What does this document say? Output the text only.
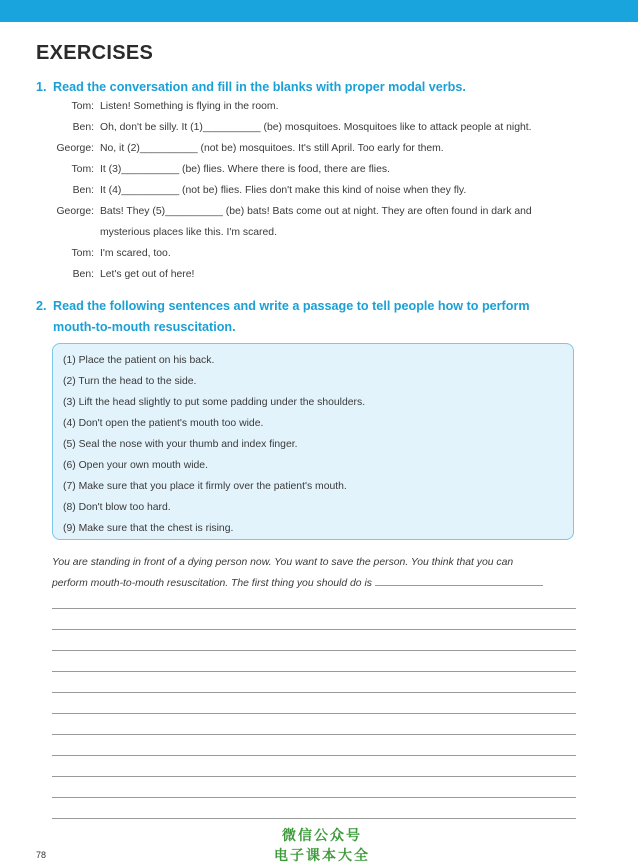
EXERCISES
1. Read the conversation and fill in the blanks with proper modal verbs.
Tom: Listen! Something is flying in the room.
Ben: Oh, don't be silly. It (1)__________ (be) mosquitoes. Mosquitoes like to attack people at night.
George: No, it (2)__________ (not be) mosquitoes. It's still April. Too early for them.
Tom: It (3)__________ (be) flies. Where there is food, there are flies.
Ben: It (4)__________ (not be) flies. Flies don't make this kind of noise when they fly.
George: Bats! They (5)__________ (be) bats! Bats come out at night. They are often found in dark and
mysterious places like this. I'm scared.
Tom: I'm scared, too.
Ben: Let's get out of here!
2. Read the following sentences and write a passage to tell people how to perform
mouth-to-mouth resuscitation.
(1) Place the patient on his back.
(2) Turn the head to the side.
(3) Lift the head slightly to put some padding under the shoulders.
(4) Don't open the patient's mouth too wide.
(5) Seal the nose with your thumb and index finger.
(6) Open your own mouth wide.
(7) Make sure that you place it firmly over the patient's mouth.
(8) Don't blow too hard.
(9) Make sure that the chest is rising.
You are standing in front of a dying person now. You want to save the person. You think that you can
perform mouth-to-mouth resuscitation. The first thing you should do is
微信公众号
电子课本大全
78
